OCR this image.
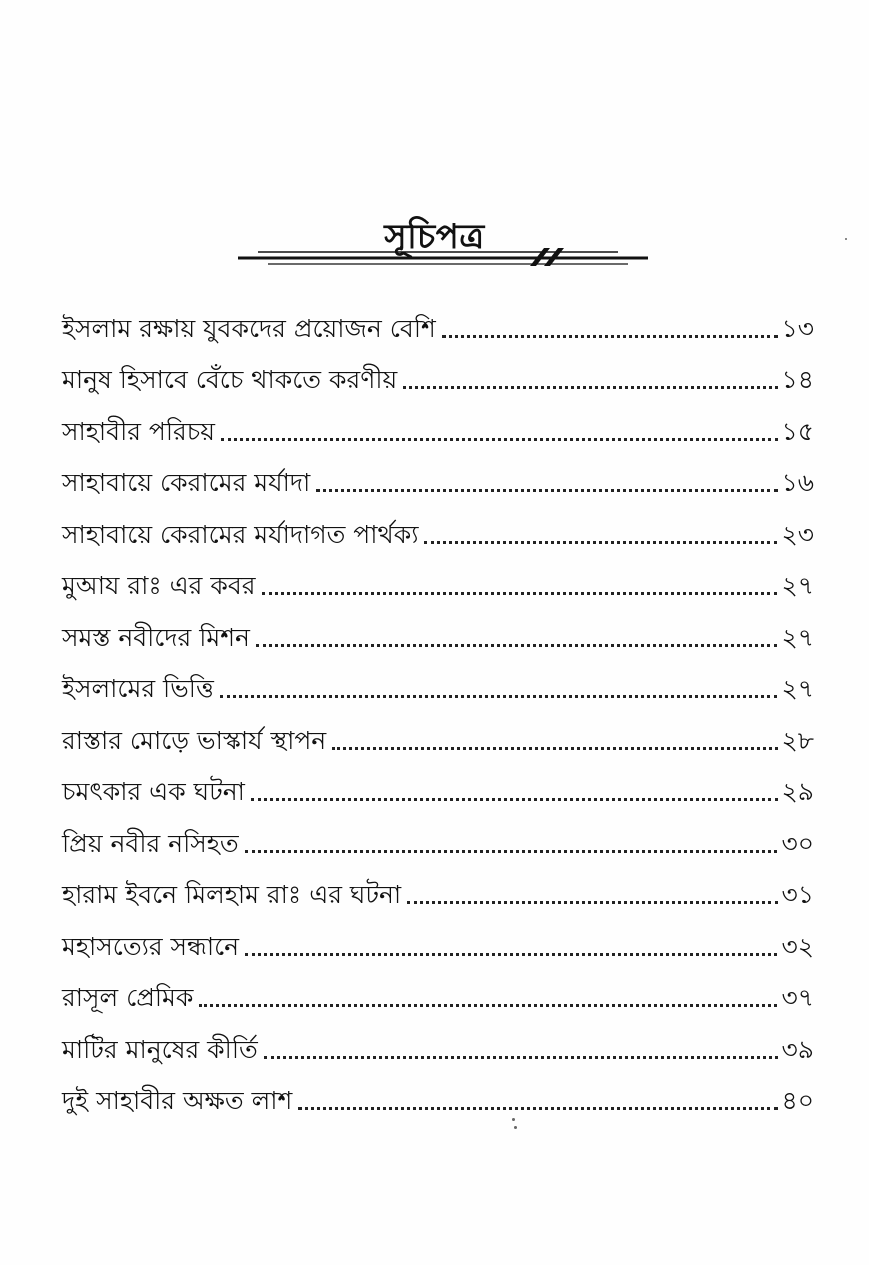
সূচিপত্র
ইসলাম রক্ষায় যুবকদের প্রয়োজন বেশি	১৩
মানুষ হিসাবে বেঁচে থাকতে করণীয়	১৪
সাহাবীর পরিচয়	১৫
সাহাবায়ে কেরামের মর্যাদা	১৬
সাহাবায়ে কেরামের মর্যাদাগত পার্থক্য	২৩
মুআয রাঃ এর কবর	২৭
সমস্ত নবীদের মিশন	২৭
ইসলামের ভিত্তি	২৭
রাস্তার মোড়ে ভাস্কার্য স্থাপন	২৮
চমৎকার এক ঘটনা	২৯
প্রিয় নবীর নসিহত	৩০
হারাম ইবনে মিলহাম রাঃ এর ঘটনা	৩১
মহাসত্যের সন্ধানে	৩২
রাসূল প্রেমিক	৩৭
মাটির মানুষের কীর্তি	৩৯
দুই সাহাবীর অক্ষত লাশ	৪০
